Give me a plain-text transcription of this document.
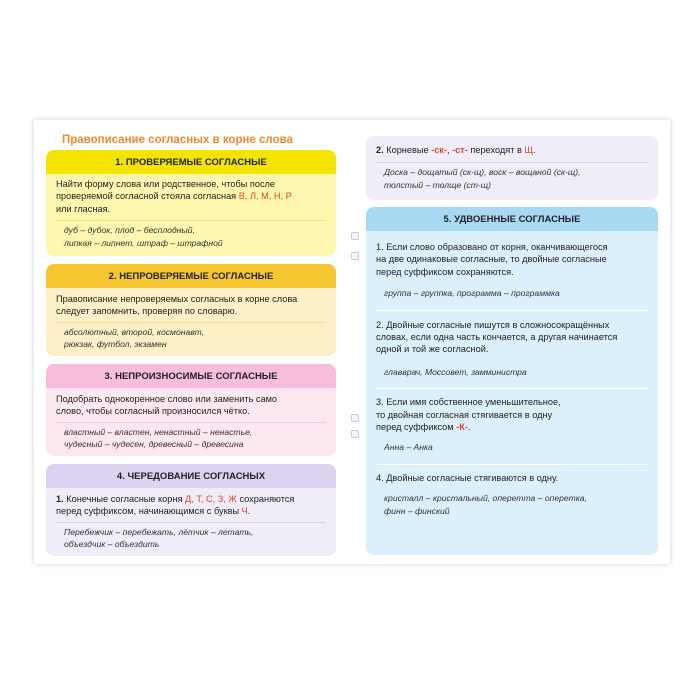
Правописание согласных в корне слова
1. ПРОВЕРЯЕМЫЕ СОГЛАСНЫЕ
Найти форму слова или родственное, чтобы после
проверяемой согласной стояла согласная В, Л, М, Н, Р
или гласная.
дуб – дубок, плод – бесплодный,
липкая – липнет, штраф – штрафной
2. НЕПРОВЕРЯЕМЫЕ СОГЛАСНЫЕ
Правописание непроверяемых согласных в корне слова
следует запомнить, проверяя по словарю.
абсолютный, второй, космонавт,
рюкзак, футбол, экзамен
3. НЕПРОИЗНОСИМЫЕ СОГЛАСНЫЕ
Подобрать однокоренное слово или заменить само
слово, чтобы согласный произносился чётко.
властный – властен, ненастный – ненастье,
чудесный – чудесен, древесный – древесина
4. ЧЕРЕДОВАНИЕ СОГЛАСНЫХ
1. Конечные согласные корня Д, Т, С, З, Ж сохраняются
перед суффиксом, начинающимся с буквы Ч.
Перебежчик – перебежать, лётчик – летать,
объездчик – объездить
2. Корневые -ск-, -ст- переходят в Щ.
Доска – дощатый (ск-щ), воск – вощаной (ск-щ),
толстый – толще (ст-щ)
5. УДВОЕННЫЕ СОГЛАСНЫЕ
1. Если слово образовано от корня, оканчивающегося
на две одинаковые согласные, то двойные согласные
перед суффиксом сохраняются.
группа – группка, программа – программка
2. Двойные согласные пишутся в сложносокращённых
словах, если одна часть кончается, а другая начинается
одной и той же согласной.
главврач, Моссовет, замминистра
3. Если имя собственное уменьшительное,
то двойная согласная стягивается в одну
перед суффиксом -К-.
Анна – Анка
4. Двойные согласные стягиваются в одну.
кристалл – кристальный, оперетта – оперетка,
финн – финский
